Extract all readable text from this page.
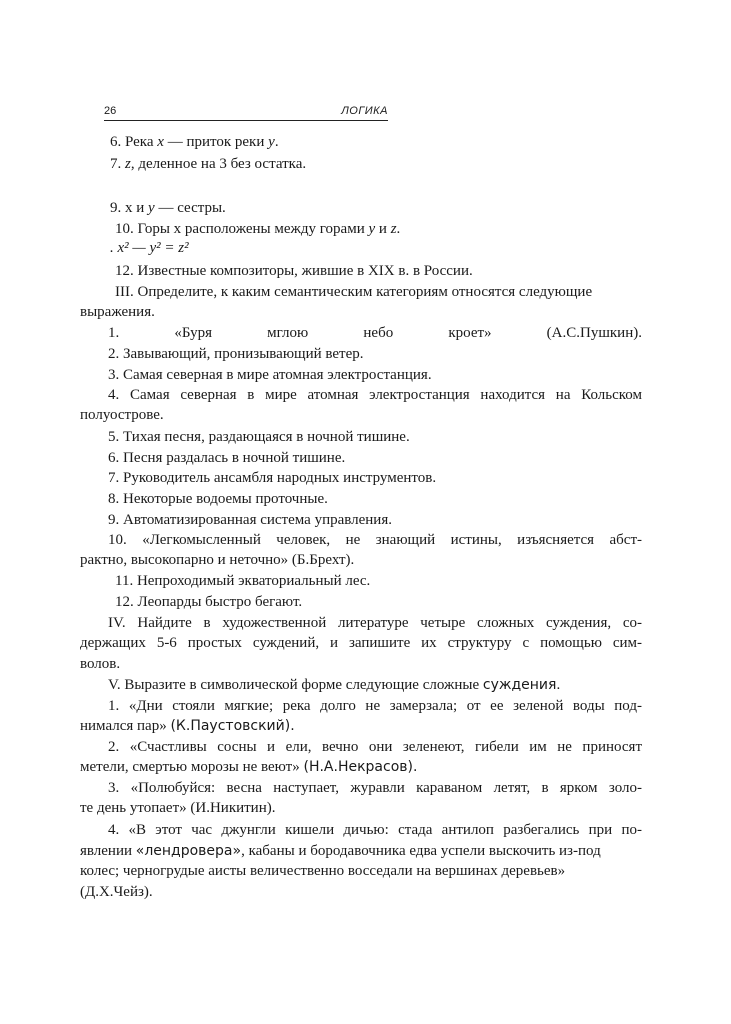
26	ЛОГИКА
6. Река х — приток реки у.
7. z, деленное на 3 без остатка.
9. х и у — сестры.
10. Горы х расположены между горами у и z.
. x² — y² = z²
12. Известные композиторы, жившие в XIX в. в России.
III. Определите, к каким семантическим категориям относятся следующие
выражения.
1. «Буря мглою небо кроет» (А.С.Пушкин).
2. Завывающий, пронизывающий ветер.
3. Самая северная в мире атомная электростанция.
4. Самая северная в мире атомная электростанция находится на Кольском
полуострове.
5. Тихая песня, раздающаяся в ночной тишине.
6. Песня раздалась в ночной тишине.
7. Руководитель ансамбля народных инструментов.
8. Некоторые водоемы проточные.
9. Автоматизированная система управления.
10. «Легкомысленный человек, не знающий истины, изъясняется абст-
рактно, высокопарно и неточно» (Б.Брехт).
11. Непроходимый экваториальный лес.
12. Леопарды быстро бегают.
IV. Найдите в художественной литературе четыре сложных суждения, со-
держащих 5-6 простых суждений, и запишите их структуру с помощью сим-
волов.
V. Выразите в символической форме следующие сложные суждения.
1. «Дни стояли мягкие; река долго не замерзала; от ее зеленой воды под-
нимался пар» (К.Паустовский).
2. «Счастливы сосны и ели, вечно они зеленеют, гибели им не приносят
метели, смертью морозы не веют» (Н.А.Некрасов).
3. «Полюбуйся: весна наступает, журавли караваном летят, в ярком золо-
те день утопает» (И.Никитин).
4. «В этот час джунгли кишели дичью: стада антилоп разбегались при по-
явлении «лендровера», кабаны и бородавочника едва успели выскочить из-под
колес; черногрудые аисты величественно восседали на вершинах деревьев»
(Д.Х.Чейз).
